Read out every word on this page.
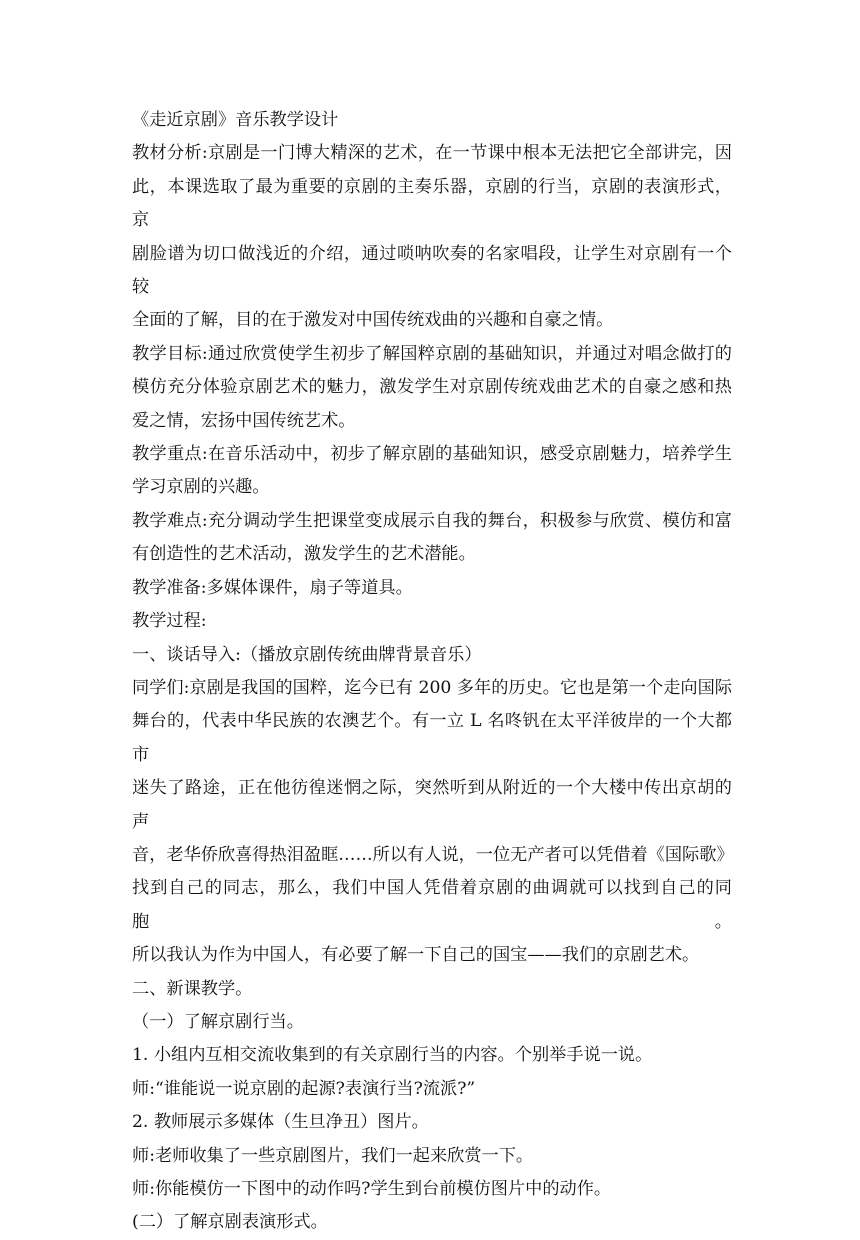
《走近京剧》音乐教学设计

教材分析:京剧是一门博大精深的艺术，在一节课中根本无法把它全部讲完，因

此，本课选取了最为重要的京剧的主奏乐器，京剧的行当，京剧的表演形式，京

剧脸谱为切口做浅近的介绍，通过唢呐吹奏的名家唱段，让学生对京剧有一个较

全面的了解，目的在于激发对中国传统戏曲的兴趣和自豪之情。

教学目标:通过欣赏使学生初步了解国粹京剧的基础知识，并通过对唱念做打的

模仿充分体验京剧艺术的魅力，激发学生对京剧传统戏曲艺术的自豪之感和热

爱之情，宏扬中国传统艺术。

教学重点:在音乐活动中，初步了解京剧的基础知识，感受京剧魅力，培养学生

学习京剧的兴趣。

教学难点:充分调动学生把课堂变成展示自我的舞台，积极参与欣赏、模仿和富

有创造性的艺术活动，激发学生的艺术潜能。

教学准备:多媒体课件，扇子等道具。

教学过程:

一、谈话导入:（播放京剧传统曲牌背景音乐）

同学们:京剧是我国的国粹，迄今已有 200 多年的历史。它也是第一个走向国际

舞台的，代表中华民族的农澳艺个。有一立 L 名咚钒在太平洋彼岸的一个大都市

迷失了路途，正在他彷徨迷惘之际，突然听到从附近的一个大楼中传出京胡的声

音，老华侨欣喜得热泪盈眶……所以有人说，一位无产者可以凭借着《国际歌》

找到自己的同志，那么，我们中国人凭借着京剧的曲调就可以找到自己的同胞。

所以我认为作为中国人，有必要了解一下自己的国宝——我们的京剧艺术。

二、新课教学。

（一）了解京剧行当。

1. 小组内互相交流收集到的有关京剧行当的内容。个别举手说一说。

师:“谁能说一说京剧的起源?表演行当?流派?”

2. 教师展示多媒体（生旦净丑）图片。

师:老师收集了一些京剧图片，我们一起来欣赏一下。

师:你能模仿一下图中的动作吗?学生到台前模仿图片中的动作。

(二）了解京剧表演形式。
